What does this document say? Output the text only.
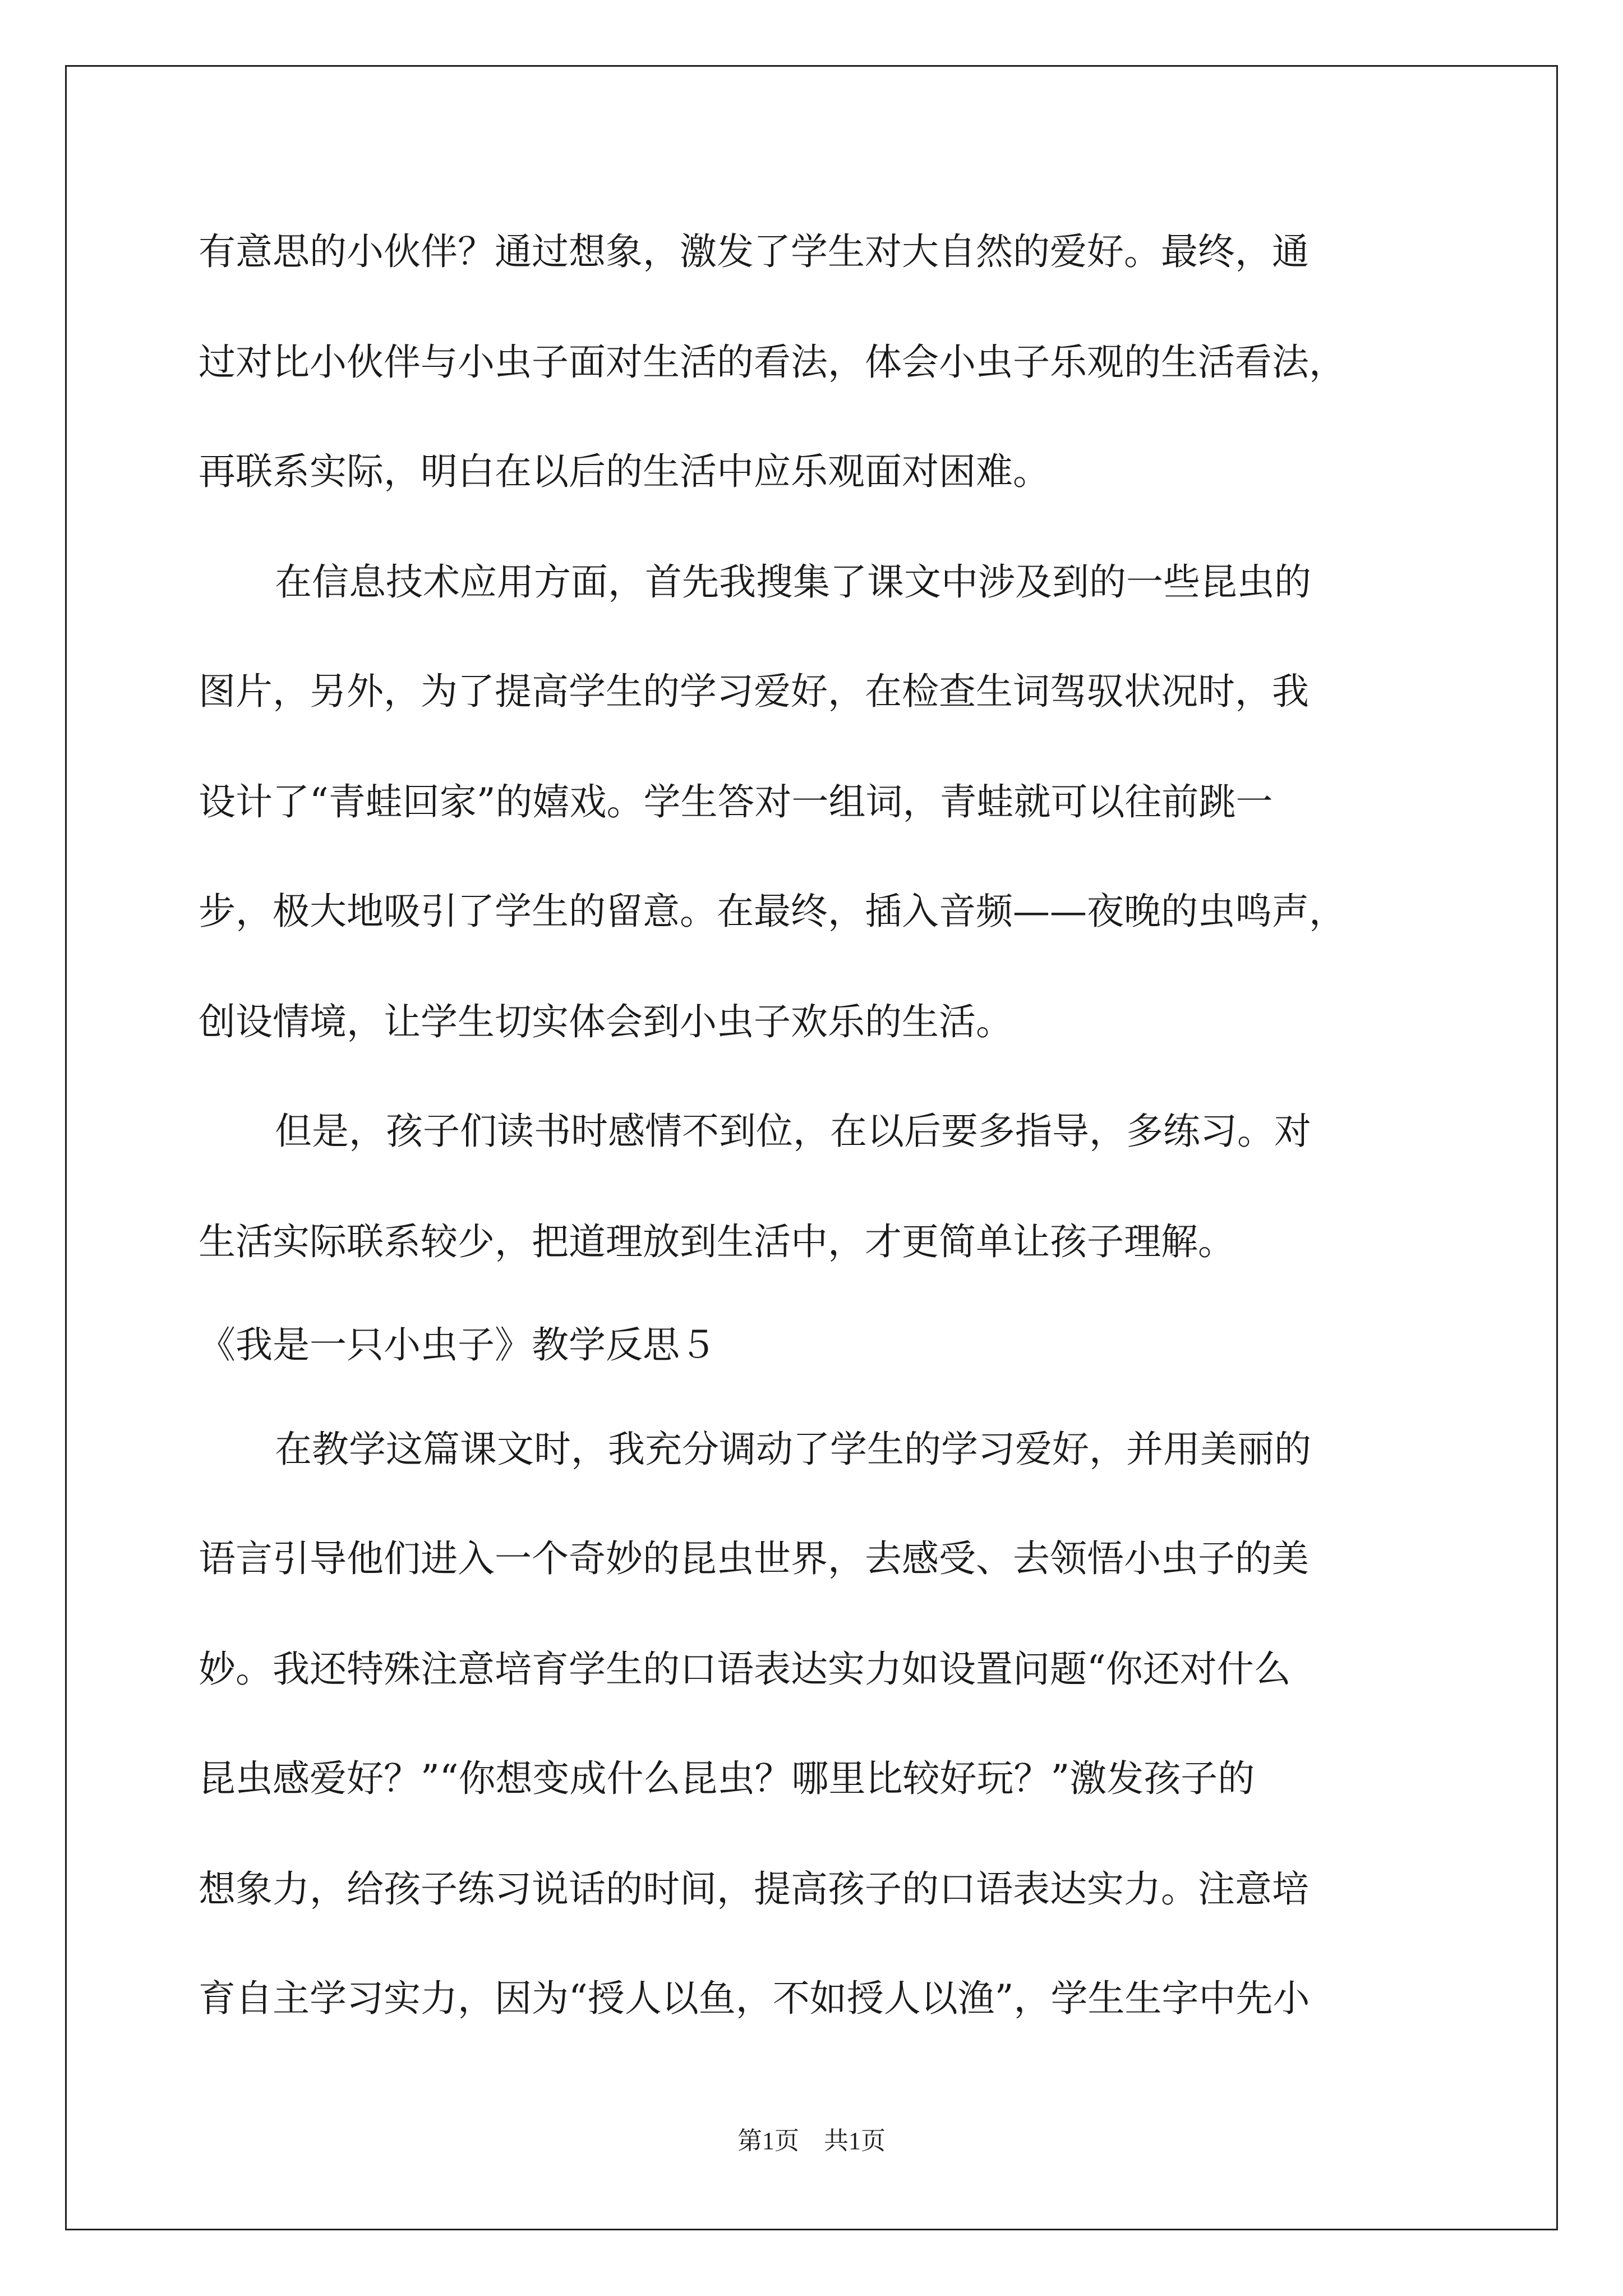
有意思的小伙伴？通过想象，激发了学生对大自然的爱好。最终，通

过对比小伙伴与小虫子面对生活的看法，体会小虫子乐观的生活看法，

再联系实际，明白在以后的生活中应乐观面对困难。

在信息技术应用方面，首先我搜集了课文中涉及到的一些昆虫的

图片，另外，为了提高学生的学习爱好，在检查生词驾驭状况时，我

设计了“青蛙回家”的嬉戏。学生答对一组词，青蛙就可以往前跳一

步，极大地吸引了学生的留意。在最终，插入音频——夜晚的虫鸣声，

创设情境，让学生切实体会到小虫子欢乐的生活。

但是，孩子们读书时感情不到位，在以后要多指导，多练习。对

生活实际联系较少，把道理放到生活中，才更简单让孩子理解。

《我是一只小虫子》教学反思５

在教学这篇课文时，我充分调动了学生的学习爱好，并用美丽的

语言引导他们进入一个奇妙的昆虫世界，去感受、去领悟小虫子的美

妙。我还特殊注意培育学生的口语表达实力如设置问题“你还对什么

昆虫感爱好？”“你想变成什么昆虫？哪里比较好玩？”激发孩子的

想象力，给孩子练习说话的时间，提高孩子的口语表达实力。注意培

育自主学习实力，因为“授人以鱼，不如授人以渔”，学生生字中先小

第1页　共1页
